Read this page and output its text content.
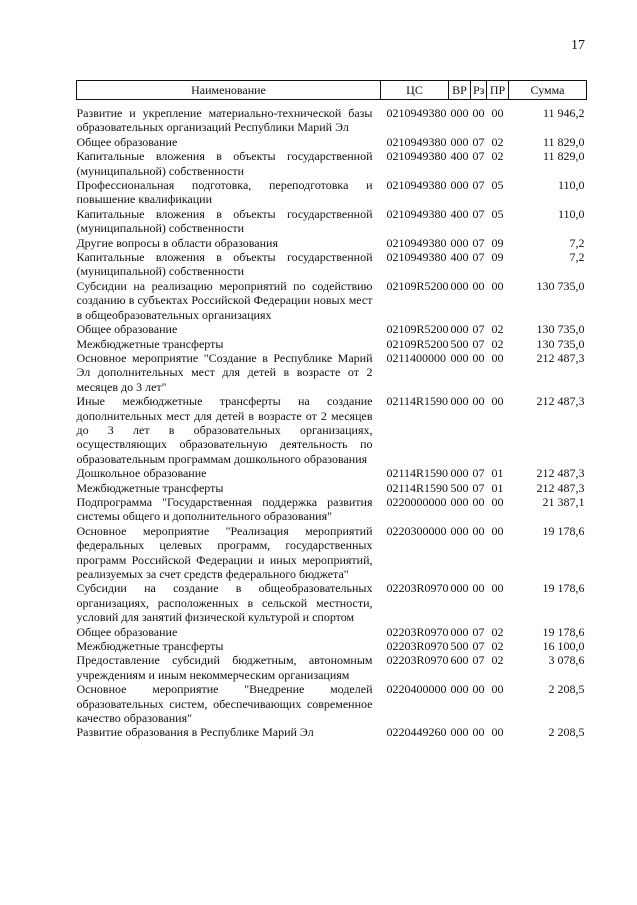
17
Наименование	ЦС	ВР	Рз	ПР	Сумма
Развитие и укрепление материально-технической базы образовательных организаций Республики Марий Эл	0210949380	000	00	00	11 946,2
Общее образование	0210949380	000	07	02	11 829,0
Капитальные вложения в объекты государственной (муниципальной) собственности	0210949380	400	07	02	11 829,0
Профессиональная подготовка, переподготовка и повышение квалификации	0210949380	000	07	05	110,0
Капитальные вложения в объекты государственной (муниципальной) собственности	0210949380	400	07	05	110,0
Другие вопросы в области образования	0210949380	000	07	09	7,2
Капитальные вложения в объекты государственной (муниципальной) собственности	0210949380	400	07	09	7,2
Субсидии на реализацию мероприятий по содействию созданию в субъектах Российской Федерации новых мест в общеобразовательных организациях	02109R5200	000	00	00	130 735,0
Общее образование	02109R5200	000	07	02	130 735,0
Межбюджетные трансферты	02109R5200	500	07	02	130 735,0
Основное мероприятие "Создание в Республике Марий Эл дополнительных мест для детей в возрасте от 2 месяцев до 3 лет"	0211400000	000	00	00	212 487,3
Иные межбюджетные трансферты на создание дополнительных мест для детей в возрасте от 2 месяцев до 3 лет в образовательных организациях, осуществляющих образовательную деятельность по образовательным программам дошкольного образования	02114R1590	000	00	00	212 487,3
Дошкольное образование	02114R1590	000	07	01	212 487,3
Межбюджетные трансферты	02114R1590	500	07	01	212 487,3
Подпрограмма "Государственная поддержка развития системы общего и дополнительного образования"	0220000000	000	00	00	21 387,1
Основное мероприятие "Реализация мероприятий федеральных целевых программ, государственных программ Российской Федерации и иных мероприятий, реализуемых за счет средств федерального бюджета"	0220300000	000	00	00	19 178,6
Субсидии на создание в общеобразовательных организациях, расположенных в сельской местности, условий для занятий физической культурой и спортом	02203R0970	000	00	00	19 178,6
Общее образование	02203R0970	000	07	02	19 178,6
Межбюджетные трансферты	02203R0970	500	07	02	16 100,0
Предоставление субсидий бюджетным, автономным учреждениям и иным некоммерческим организациям	02203R0970	600	07	02	3 078,6
Основное мероприятие "Внедрение моделей образовательных систем, обеспечивающих современное качество образования"	0220400000	000	00	00	2 208,5
Развитие образования в Республике Марий Эл	0220449260	000	00	00	2 208,5
